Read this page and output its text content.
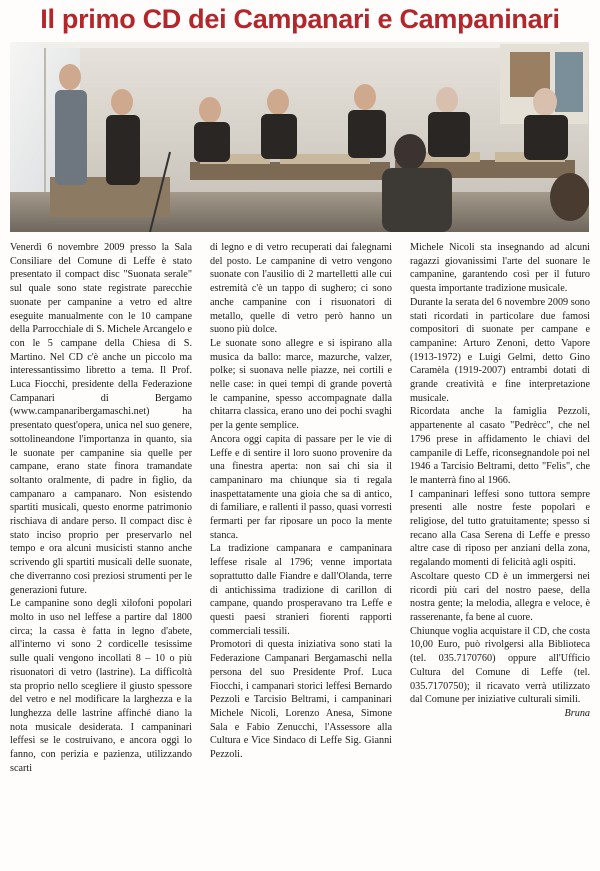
Il primo CD dei Campanari e Campaninari

Venerdì 6 novembre 2009 presso la Sala Consiliare del Comune di Leffe è stato presentato il compact disc "Suonata serale" sul quale sono state registrate parecchie suonate per campanine a vetro ed altre eseguite manualmente con le 10 campane della Parrocchiale di S. Michele Arcangelo e con le 5 campane della Chiesa di S. Martino. Nel CD c'è anche un piccolo ma interessantissimo libretto a tema. Il Prof. Luca Fiocchi, presidente della Federazione Campanari di Bergamo (www.campanaribergamaschi.net) ha presentato quest'opera, unica nel suo genere, sottolineandone l'importanza in quanto, sia le suonate per campanine sia quelle per campane, erano state finora tramandate soltanto oralmente, di padre in figlio, da campanaro a campanaro. Non esistendo spartiti musicali, questo enorme patrimonio rischiava di andare perso. Il compact disc è stato inciso proprio per preservarlo nel tempo e ora alcuni musicisti stanno anche scrivendo gli spartiti musicali delle suonate, che diverranno così preziosi strumenti per le generazioni future.

Le campanine sono degli xilofoni popolari molto in uso nel leffese a partire dal 1800 circa; la cassa è fatta in legno d'abete, all'interno vi sono 2 cordicelle tesissime sulle quali vengono incollati 8 – 10 o più risuonatori di vetro (lastrine). La difficoltà sta proprio nello scegliere il giusto spessore del vetro e nel modificare la larghezza e la lunghezza delle lastrine affinché diano la nota musicale desiderata. I campaninari leffesi se le costruivano, e ancora oggi lo fanno, con perizia e pazienza, utilizzando scarti

di legno e di vetro recuperati dai falegnami del posto. Le campanine di vetro vengono suonate con l'ausilio di 2 martelletti alle cui estremità c'è un tappo di sughero; ci sono anche campanine con i risuonatori di metallo, quelle di vetro però hanno un suono più dolce.

Le suonate sono allegre e si ispirano alla musica da ballo: marce, mazurche, valzer, polke; si suonava nelle piazze, nei cortili e nelle case: in quei tempi di grande povertà le campanine, spesso accompagnate dalla chitarra classica, erano uno dei pochi svaghi per la gente semplice.

Ancora oggi capita di passare per le vie di Leffe e di sentire il loro suono provenire da una finestra aperta: non sai chi sia il campaninaro ma chiunque sia ti regala inaspettatamente una gioia che sa di antico, di familiare, e rallenti il passo, quasi vorresti fermarti per far riposare un poco la mente stanca.

La tradizione campanara e campaninara leffese risale al 1796; venne importata soprattutto dalle Fiandre e dall'Olanda, terre di antichissima tradizione di carillon di campane, quando prosperavano tra Leffe e questi paesi stranieri fiorenti rapporti commerciali tessili.

Promotori di questa iniziativa sono stati la Federazione Campanari Bergamaschi nella persona del suo Presidente Prof. Luca Fiocchi, i campanari storici leffesi Bernardo Pezzoli e Tarcisio Beltrami, i campaninari Michele Nicoli, Lorenzo Anesa, Simone Sala e Fabio Zenucchi, l'Assessore alla Cultura e Vice Sindaco di Leffe Sig. Gianni Pezzoli.

Michele Nicoli sta insegnando ad alcuni ragazzi giovanissimi l'arte del suonare le campanine, garantendo così per il futuro questa importante tradizione musicale.

Durante la serata del 6 novembre 2009 sono stati ricordati in particolare due famosi compositori di suonate per campane e campanine: Arturo Zenoni, detto Vapore (1913-1972) e Luigi Gelmi, detto Gino Caramèla (1919-2007) entrambi dotati di grande creatività e fine interpretazione musicale.

Ricordata anche la famiglia Pezzoli, appartenente al casato "Pedrècc", che nel 1796 prese in affidamento le chiavi del campanile di Leffe, riconsegnandole poi nel 1946 a Tarcisio Beltrami, detto "Felìs", che le manterrà fino al 1966.

I campaninari leffesi sono tuttora sempre presenti alle nostre feste popolari e religiose, del tutto gratuitamente; spesso si recano alla Casa Serena di Leffe e presso altre case di riposo per anziani della zona, regalando momenti di felicità agli ospiti.

Ascoltare questo CD è un immergersi nei ricordi più cari del nostro paese, della nostra gente; la melodia, allegra e veloce, è rasserenante, fa bene al cuore.

Chiunque voglia acquistare il CD, che costa 10,00 Euro, può rivolgersi alla Biblioteca (tel. 035.7170760) oppure all'Ufficio Cultura del Comune di Leffe (tel. 035.7170750); il ricavato verrà utilizzato dal Comune per iniziative culturali simili.

Bruna
